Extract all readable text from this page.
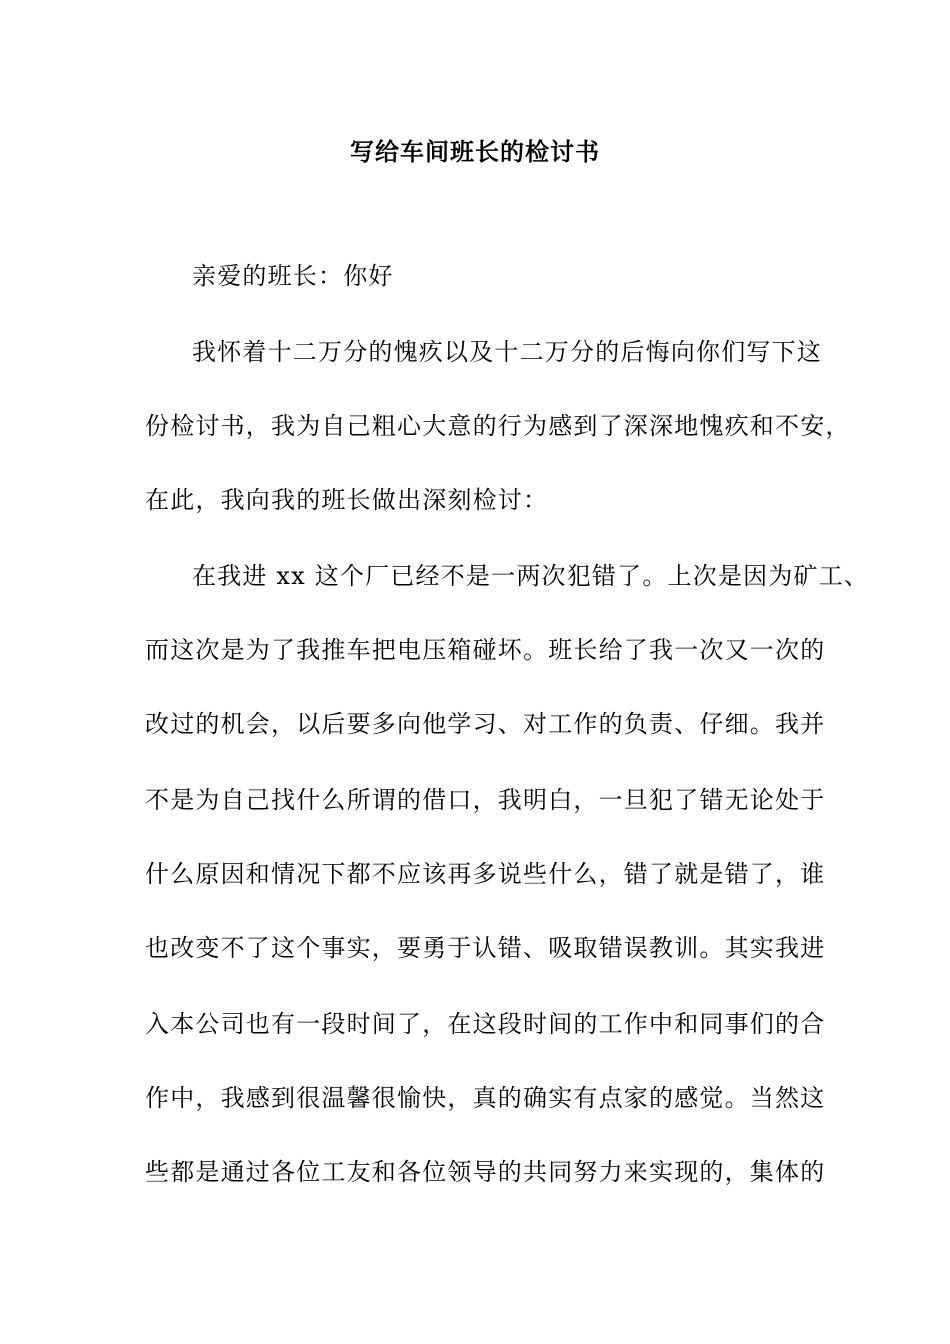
写给车间班长的检讨书
亲爱的班长：你好
我怀着十二万分的愧疚以及十二万分的后悔向你们写下这
份检讨书，我为自己粗心大意的行为感到了深深地愧疚和不安，
在此，我向我的班长做出深刻检讨：
在我进 xx 这个厂已经不是一两次犯错了。上次是因为矿工、
而这次是为了我推车把电压箱碰坏。班长给了我一次又一次的
改过的机会，以后要多向他学习、对工作的负责、仔细。我并
不是为自己找什么所谓的借口，我明白，一旦犯了错无论处于
什么原因和情况下都不应该再多说些什么，错了就是错了，谁
也改变不了这个事实，要勇于认错、吸取错误教训。其实我进
入本公司也有一段时间了，在这段时间的工作中和同事们的合
作中，我感到很温馨很愉快，真的确实有点家的感觉。当然这
些都是通过各位工友和各位领导的共同努力来实现的，集体的
